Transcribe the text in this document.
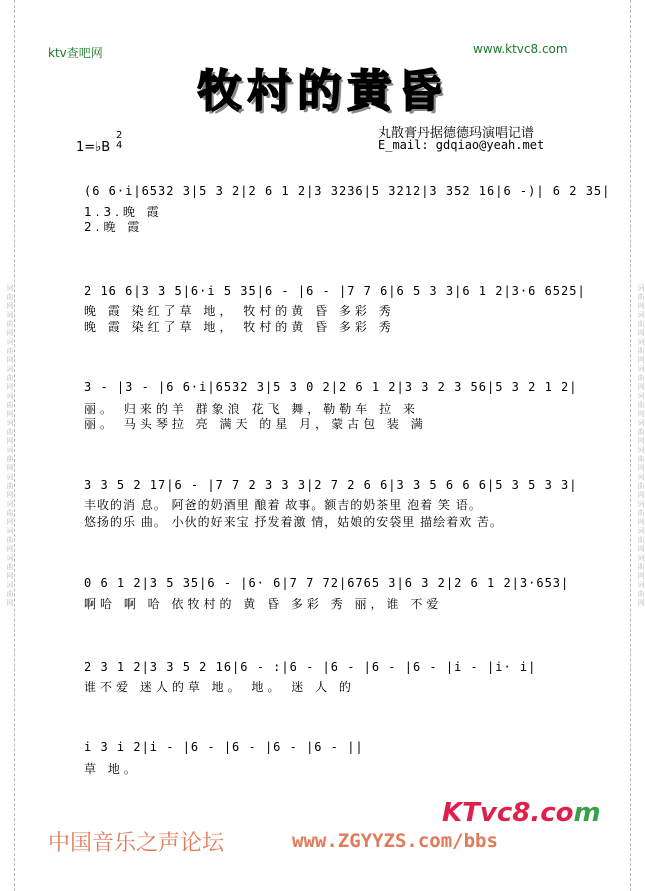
词曲网词曲网词曲网词曲网词曲网词曲网词曲网词曲网词曲网词曲网词曲网词曲网	词曲网词曲网词曲网词曲网词曲网词曲网词曲网词曲网词曲网词曲网词曲网词曲网
ktv查吧网	www.ktvc8.com
牧村的黄昏
丸散膏丹据德德玛演唱记谱
E_mail: gdqiao@yeah.met
1=♭B
2
4
(6 6·i|6532 3|5 3 2|2 6 1 2|3 3236|5 3212|3 352 16|6 -)| 6 2 35|
1.3.晚 霞
2.晚 霞
2 16 6|3 3 5|6·i 5 35|6 - |6 - |7 7 6|6 5 3 3|6 1 2|3·6 6525|
晚 霞 染红了草 地， 牧村的黄 昏 多彩 秀
晚 霞 染红了草 地， 牧村的黄 昏 多彩 秀
3 - |3 - |6 6·i|6532 3|5 3 0 2|2 6 1 2|3 3 2 3 56|5 3 2 1 2|
丽。 归来的羊 群象浪 花飞 舞，勒勒车 拉 来
丽。 马头琴拉 亮 满天 的星 月，蒙古包 装 满
3 3 5 2 17|6 - |7 7 2 3 3 3|2 7 2 6 6|3 3 5 6 6 6|5 3 5 3 3|
丰收的消 息。 阿爸的奶酒里 酿着 故事。额吉的奶茶里 泡着 笑 语。
悠扬的乐 曲。 小伙的好来宝 抒发着激 情，姑娘的安袋里 描绘着欢 苦。
0 6 1 2|3 5 35|6 - |6· 6|7 7 72|6765 3|6 3 2|2 6 1 2|3·653|
啊哈 啊 哈 依牧村的 黄 昏 多彩 秀 丽，谁 不爱
2 3 1 2|3 3 5 2 16|6 - :|6 - |6 - |6 - |6 - |i - |i· i|
谁不爱 迷人的草 地。 地。 迷 人 的
i 3 i 2|i - |6 - |6 - |6 - |6 - ||
草 地。
KTvc8.com
中国音乐之声论坛	www.ZGYYZS.com/bbs
